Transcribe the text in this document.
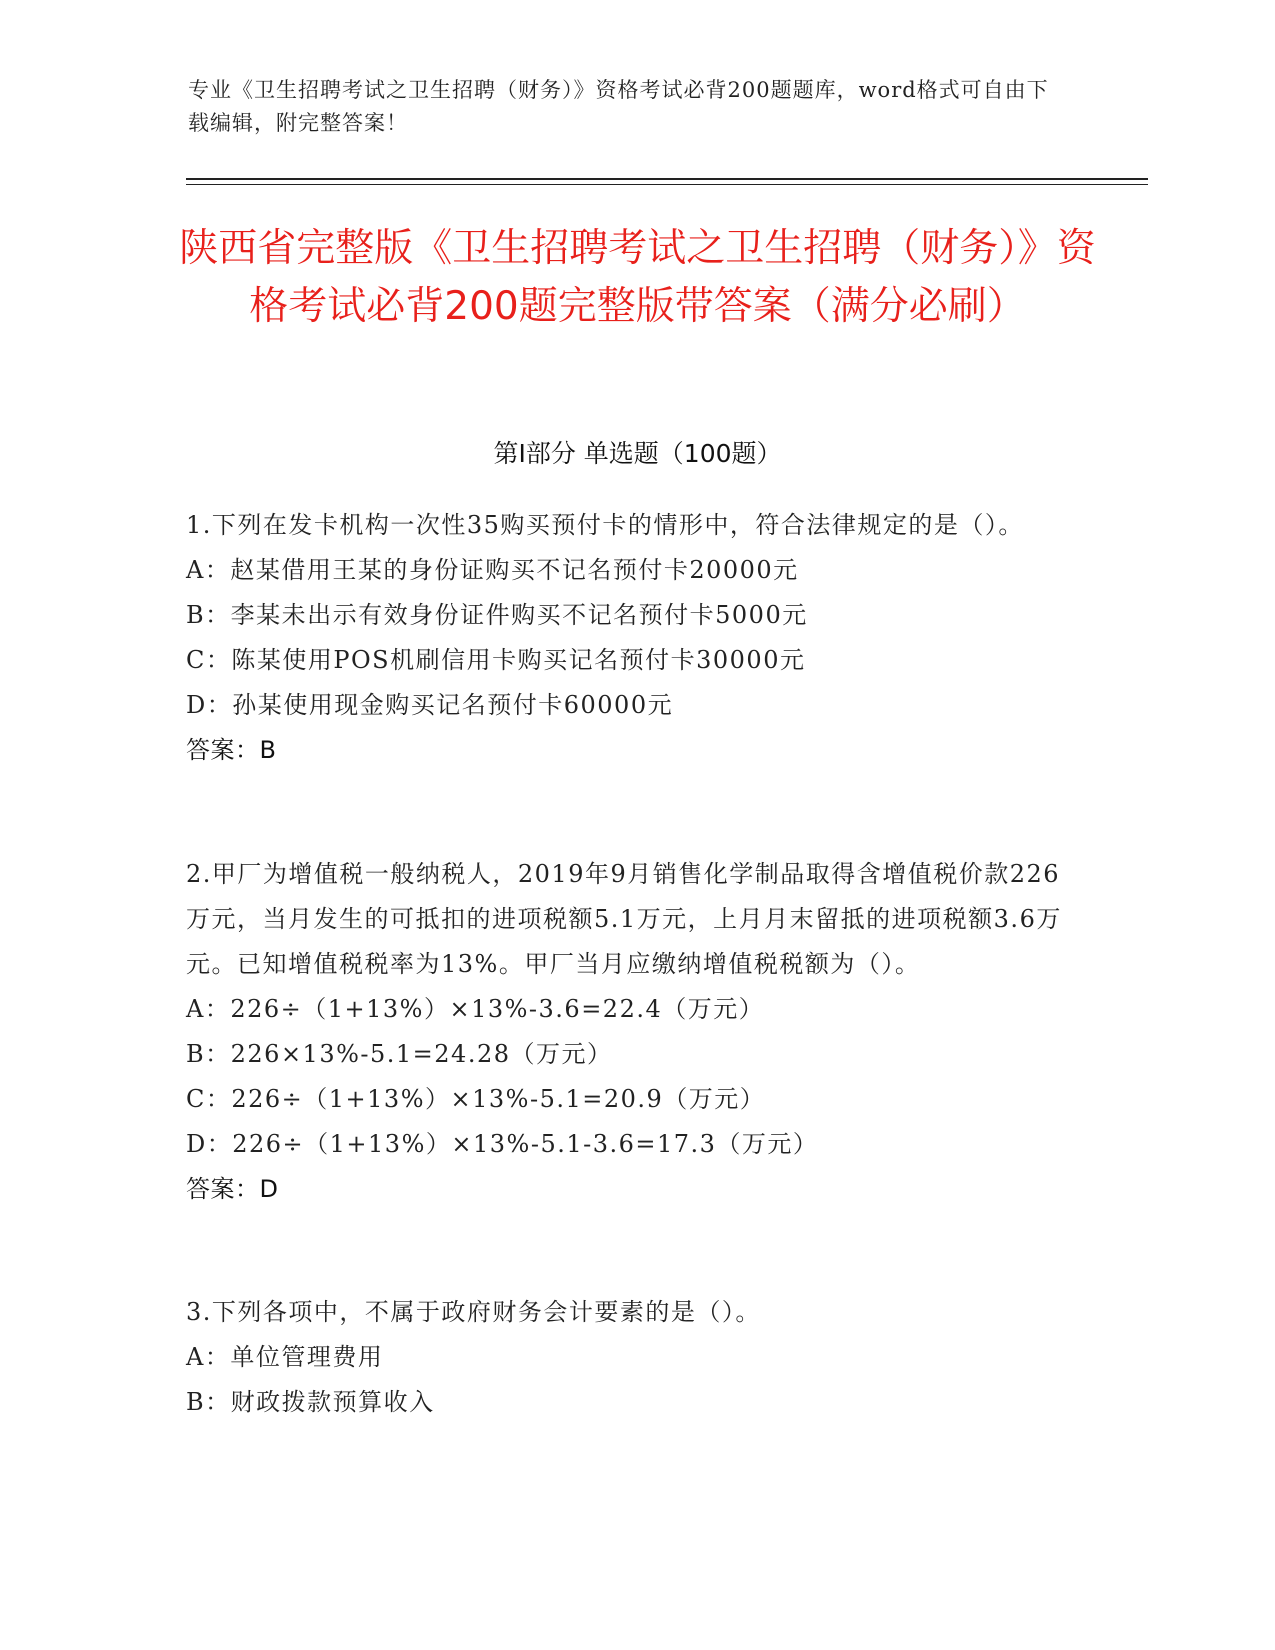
专业《卫生招聘考试之卫生招聘（财务）》资格考试必背200题题库，word格式可自由下载编辑，附完整答案！
陕西省完整版《卫生招聘考试之卫生招聘（财务）》资格考试必背200题完整版带答案（满分必刷）
第I部分 单选题（100题）
1.下列在发卡机构一次性35购买预付卡的情形中，符合法律规定的是（）。
A：赵某借用王某的身份证购买不记名预付卡20000元
B：李某未出示有效身份证件购买不记名预付卡5000元
C：陈某使用POS机刷信用卡购买记名预付卡30000元
D：孙某使用现金购买记名预付卡60000元
答案：B
2.甲厂为增值税一般纳税人，2019年9月销售化学制品取得含增值税价款226万元，当月发生的可抵扣的进项税额5.1万元，上月月末留抵的进项税额3.6万元。已知增值税税率为13%。甲厂当月应缴纳增值税税额为（）。
A：226÷（1+13%）×13%-3.6=22.4（万元）
B：226×13%-5.1=24.28（万元）
C：226÷（1+13%）×13%-5.1=20.9（万元）
D：226÷（1+13%）×13%-5.1-3.6=17.3（万元）
答案：D
3.下列各项中，不属于政府财务会计要素的是（）。
A：单位管理费用
B：财政拨款预算收入
